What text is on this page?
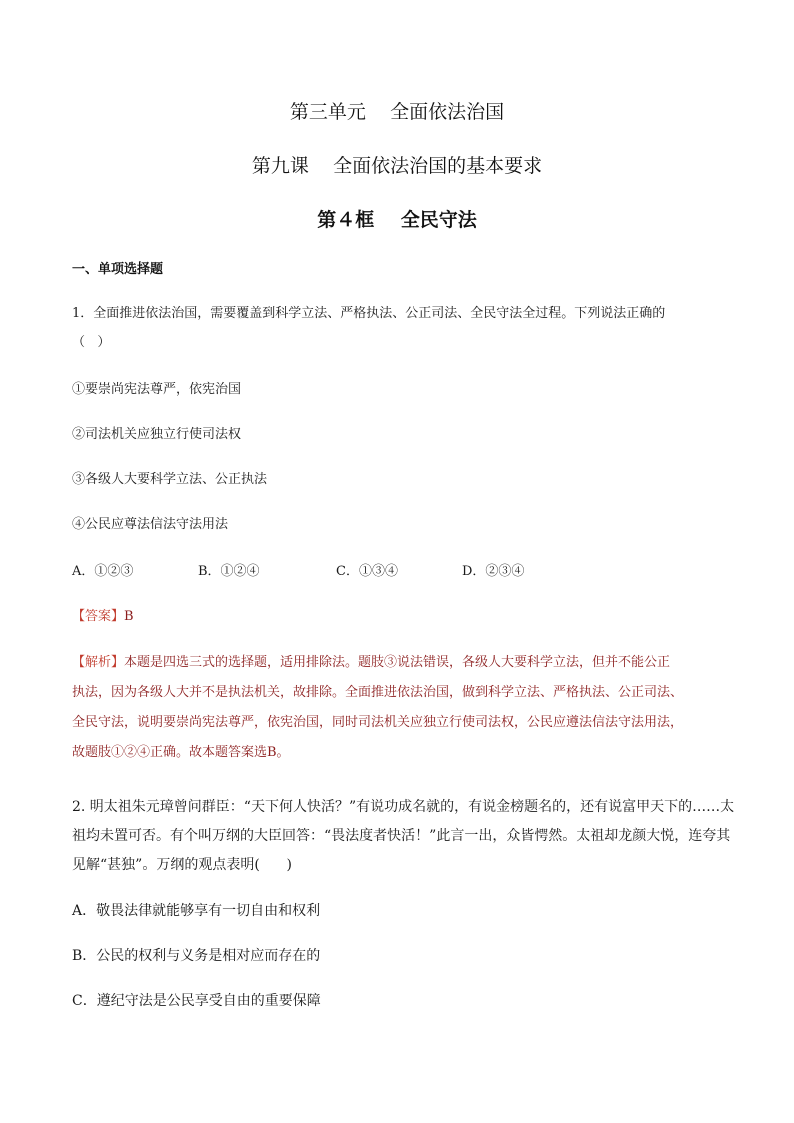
第三单元    全面依法治国
第九课    全面依法治国的基本要求
第４框    全民守法
一、单项选择题
1．全面推进依法治国，需要覆盖到科学立法、严格执法、公正司法、全民守法全过程。下列说法正确的
（   ）
①要崇尚宪法尊严，依宪治国
②司法机关应独立行使司法权
③各级人大要科学立法、公正执法
④公民应尊法信法守法用法
A．①②③	B．①②④	C．①③④	D．②③④
【答案】B
【解析】本题是四选三式的选择题，适用排除法。题肢③说法错误，各级人大要科学立法，但并不能公正
执法，因为各级人大并不是执法机关，故排除。全面推进依法治国，做到科学立法、严格执法、公正司法、
全民守法，说明要崇尚宪法尊严，依宪治国，同时司法机关应独立行使司法权，公民应遵法信法守法用法，
故题肢①②④正确。故本题答案选B。
2. 明太祖朱元璋曾问群臣：“天下何人快活？”有说功成名就的，有说金榜题名的，还有说富甲天下的……太
祖均未置可否。有个叫万纲的大臣回答：“畏法度者快活！”此言一出，众皆愕然。太祖却龙颜大悦，连夸其
见解“甚独”。万纲的观点表明(      )
A．敬畏法律就能够享有一切自由和权利
B．公民的权利与义务是相对应而存在的
C．遵纪守法是公民享受自由的重要保障
